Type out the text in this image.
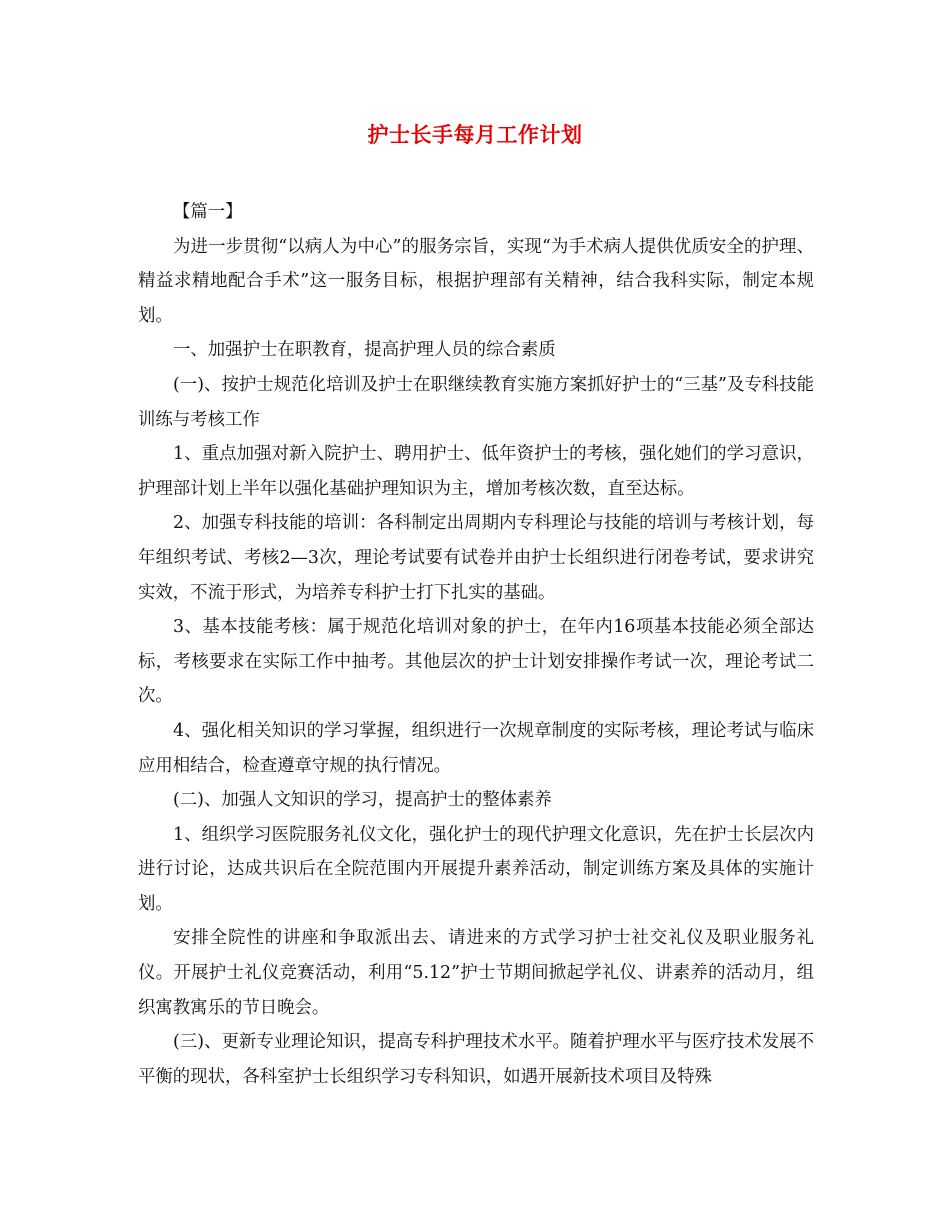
护士长手每月工作计划

【篇一】

为进一步贯彻“以病人为中心”的服务宗旨，实现“为手术病人提供优质安全的护理、精益求精地配合手术”这一服务目标，根据护理部有关精神，结合我科实际，制定本规划。

一、加强护士在职教育，提高护理人员的综合素质

(一)、按护士规范化培训及护士在职继续教育实施方案抓好护士的“三基”及专科技能训练与考核工作

1、重点加强对新入院护士、聘用护士、低年资护士的考核，强化她们的学习意识，护理部计划上半年以强化基础护理知识为主，增加考核次数，直至达标。

2、加强专科技能的培训：各科制定出周期内专科理论与技能的培训与考核计划，每年组织考试、考核2—3次，理论考试要有试卷并由护士长组织进行闭卷考试，要求讲究实效，不流于形式，为培养专科护士打下扎实的基础。

3、基本技能考核：属于规范化培训对象的护士，在年内16项基本技能必须全部达标，考核要求在实际工作中抽考。其他层次的护士计划安排操作考试一次，理论考试二次。

4、强化相关知识的学习掌握，组织进行一次规章制度的实际考核，理论考试与临床应用相结合，检查遵章守规的执行情况。

(二)、加强人文知识的学习，提高护士的整体素养

1、组织学习医院服务礼仪文化，强化护士的现代护理文化意识，先在护士长层次内进行讨论，达成共识后在全院范围内开展提升素养活动，制定训练方案及具体的实施计划。

安排全院性的讲座和争取派出去、请进来的方式学习护士社交礼仪及职业服务礼仪。开展护士礼仪竞赛活动，利用“5.12”护士节期间掀起学礼仪、讲素养的活动月，组织寓教寓乐的节日晚会。

(三)、更新专业理论知识，提高专科护理技术水平。随着护理水平与医疗技术发展不平衡的现状，各科室护士长组织学习专科知识，如遇开展新技术项目及特殊
